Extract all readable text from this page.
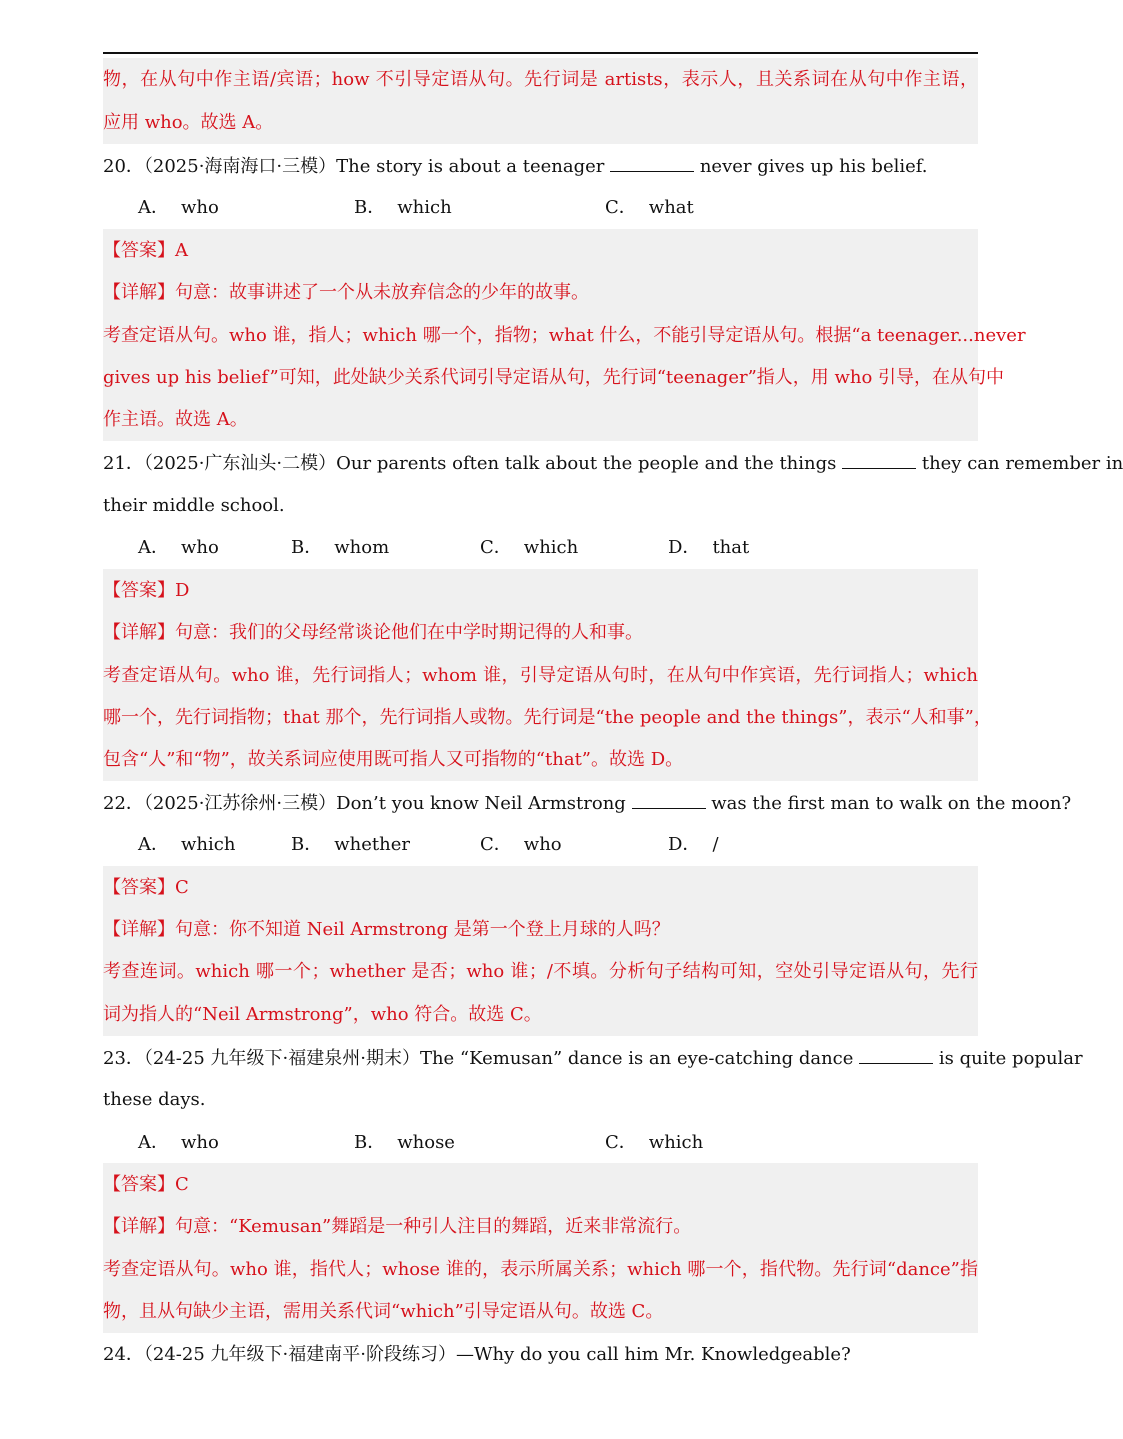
物，在从句中作主语/宾语；how 不引导定语从句。先行词是 artists，表示人，且关系词在从句中作主语，
应用 who。故选 A。
20．（2025·海南海口·三模）The story is about a teenager	never gives up his belief.
A． who	B． which	C． what
【答案】A
【详解】句意：故事讲述了一个从未放弃信念的少年的故事。
考查定语从句。who 谁，指人；which 哪一个，指物；what 什么，不能引导定语从句。根据“a teenager...never
gives up his belief”可知，此处缺少关系代词引导定语从句，先行词“teenager”指人，用 who 引导，在从句中
作主语。故选 A。
21．（2025·广东汕头·二模）Our parents often talk about the people and the things	they can remember in
their middle school.
A． who	B． whom	C． which	D． that
【答案】D
【详解】句意：我们的父母经常谈论他们在中学时期记得的人和事。
考查定语从句。who 谁，先行词指人；whom 谁，引导定语从句时，在从句中作宾语，先行词指人；which
哪一个，先行词指物；that 那个，先行词指人或物。先行词是“the people and the things”，表示“人和事”，
包含“人”和“物”，故关系词应使用既可指人又可指物的“that”。故选 D。
22．（2025·江苏徐州·三模）Don’t you know Neil Armstrong	was the first man to walk on the moon?
A． which	B． whether	C． who	D． /
【答案】C
【详解】句意：你不知道 Neil Armstrong 是第一个登上月球的人吗？
考查连词。which 哪一个；whether 是否；who 谁；/不填。分析句子结构可知，空处引导定语从句，先行
词为指人的“Neil Armstrong”，who 符合。故选 C。
23．（24-25 九年级下·福建泉州·期末）The “Kemusan” dance is an eye-catching dance	is quite popular
these days.
A． who	B． whose	C． which
【答案】C
【详解】句意：“Kemusan”舞蹈是一种引人注目的舞蹈，近来非常流行。
考查定语从句。who 谁，指代人；whose 谁的，表示所属关系；which 哪一个，指代物。先行词“dance”指
物，且从句缺少主语，需用关系代词“which”引导定语从句。故选 C。
24．（24-25 九年级下·福建南平·阶段练习）—Why do you call him Mr. Knowledgeable?
